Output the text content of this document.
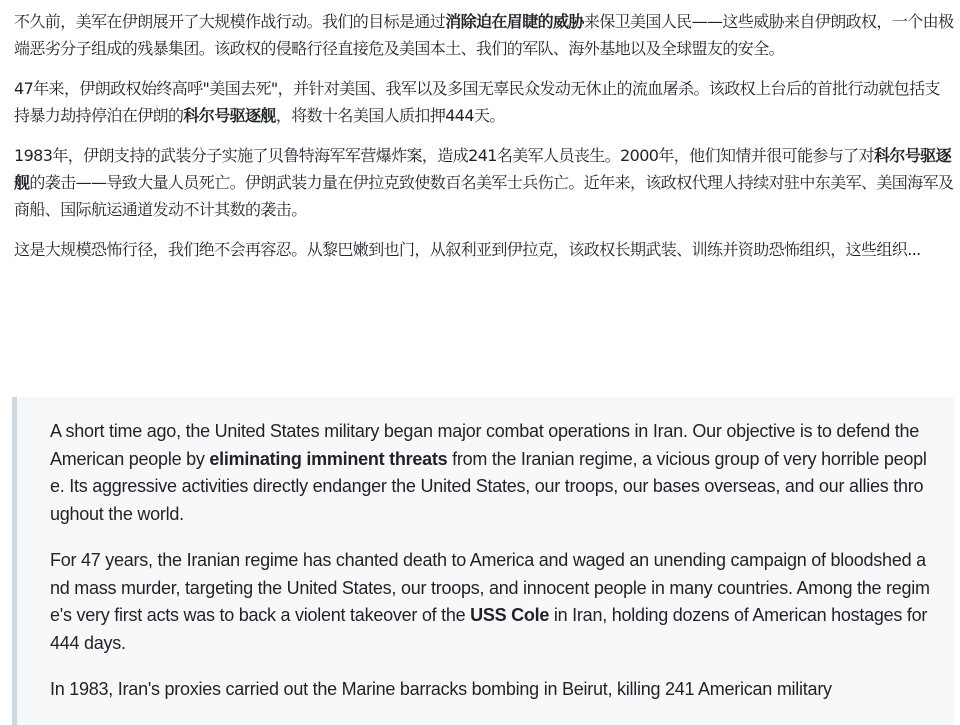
不久前，美军在伊朗展开了大规模作战行动。我们的目标是通过消除迫在眉睫的威胁来保卫美国人民——这些威胁来自伊朗政权，一个由极端恶劣分子组成的残暴集团。该政权的侵略行径直接危及美国本土、我们的军队、海外基地以及全球盟友的安全。

47年来，伊朗政权始终高呼"美国去死"，并针对美国、我军以及多国无辜民众发动无休止的流血屠杀。该政权上台后的首批行动就包括支持暴力劫持停泊在伊朗的科尔号驱逐舰，将数十名美国人质扣押444天。

1983年，伊朗支持的武装分子实施了贝鲁特海军军营爆炸案，造成241名美军人员丧生。2000年，他们知情并很可能参与了对科尔号驱逐舰的袭击——导致大量人员死亡。伊朗武装力量在伊拉克致使数百名美军士兵伤亡。近年来，该政权代理人持续对驻中东美军、美国海军及商船、国际航运通道发动不计其数的袭击。

这是大规模恐怖行径，我们绝不会再容忍。从黎巴嫩到也门，从叙利亚到伊拉克，该政权长期武装、训练并资助恐怖组织，这些组织...

A short time ago, the United States military began major combat operations in Iran. Our objective is to defend the American people by eliminating imminent threats from the Iranian regime, a vicious group of very horrible people. Its aggressive activities directly endanger the United States, our troops, our bases overseas, and our allies throughout the world.

For 47 years, the Iranian regime has chanted death to America and waged an unending campaign of bloodshed and mass murder, targeting the United States, our troops, and innocent people in many countries. Among the regime's very first acts was to back a violent takeover of the USS Cole in Iran, holding dozens of American hostages for 444 days.

In 1983, Iran's proxies carried out the Marine barracks bombing in Beirut, killing 241 American military
